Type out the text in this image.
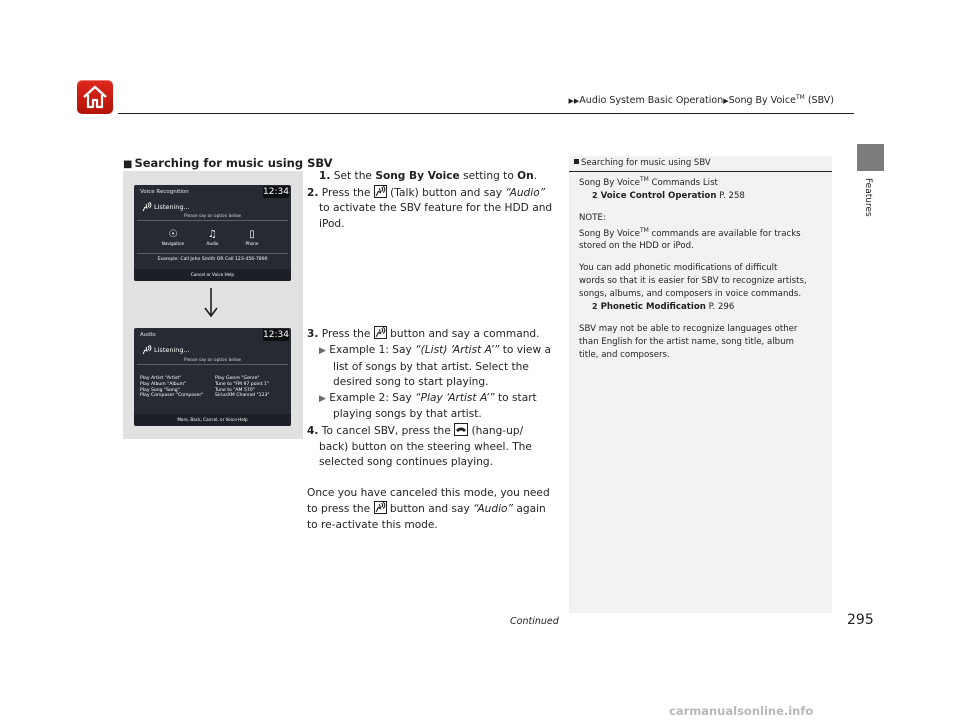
▶▶Audio System Basic Operation▶Song By Voice™ (SBV)
Features
■ Searching for music using SBV
Voice Recognition	12:34
Listening...
Please say an option below
☉
Navigation
♫
Audio
▯
Phone
Example: Call John Smith OR Call 123-456-7890
Cancel or Voice Help
Audio	12:34
Listening...
Please say an option below
Play Artist "Artist"
Play Album "Album"
Play Song "Song"
Play Composer "Composer"
Play Genre "Genre"
Tune to "FM 97 point 1"
Tune to "AM 570"
SiriusXM Channel "123"
More, Back, Cancel, or Voice Help
1. Set the Song By Voice setting to On.
2. Press the
(Talk) button and say “Audio”
to activate the SBV feature for the HDD and
iPod.
3. Press the
button and say a command.
▶ Example 1: Say “(List) ‘Artist A’” to view a
list of songs by that artist. Select the
desired song to start playing.
▶ Example 2: Say “Play ‘Artist A’” to start
playing songs by that artist.
4. To cancel SBV, press the
(hang-up/
back) button on the steering wheel. The
selected song continues playing.
Once you have canceled this mode, you need
to press the
button and say “Audio” again
to re-activate this mode.
Searching for music using SBV

Song By Voice™ Commands List
2 Voice Control Operation P. 258

NOTE:
Song By Voice™ commands are available for tracks
stored on the HDD or iPod.

You can add phonetic modifications of difficult
words so that it is easier for SBV to recognize artists,
songs, albums, and composers in voice commands.
2 Phonetic Modification P. 296

SBV may not be able to recognize languages other
than English for the artist name, song title, album
title, and composers.

Continued	295
carmanualsonline.info
